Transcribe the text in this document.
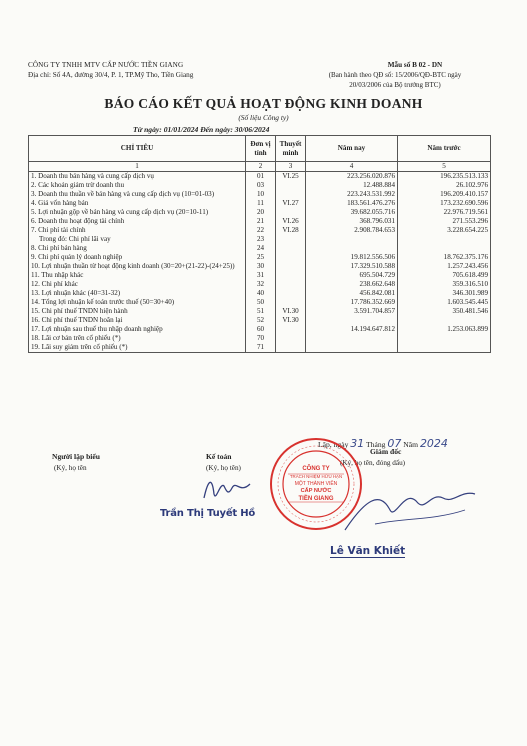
CÔNG TY TNHH MTV CẤP NƯỚC TIỀN GIANG
Địa chỉ: Số 4A, đường 30/4, P. 1, TP.Mỹ Tho, Tiền Giang
Mẫu số B 02 - DN
(Ban hành theo QĐ số: 15/2006/QĐ-BTC ngày
20/03/2006 của Bộ trưởng BTC)
BÁO CÁO KẾT QUẢ HOẠT ĐỘNG KINH DOANH
(Số liệu Công ty)
Từ ngày: 01/01/2024 Đến ngày: 30/06/2024
CHỈ TIÊU	Đơn vị tính	Thuyết minh	Năm nay	Năm trước
1	2	3	4	5
1. Doanh thu bán hàng và cung cấp dịch vụ	01	VI.25	223.256.020.876	196.235.513.133
2. Các khoản giảm trừ doanh thu	03		12.488.884	26.102.976
3. Doanh thu thuần về bán hàng và cung cấp dịch vụ (10=01-03)	10		223.243.531.992	196.209.410.157
4. Giá vốn hàng bán	11	VI.27	183.561.476.276	173.232.690.596
5. Lợi nhuận gộp về bán hàng và cung cấp dịch vụ (20=10-11)	20		39.682.055.716	22.976.719.561
6. Doanh thu hoạt động tài chính	21	VI.26	368.796.031	271.553.296
7. Chi phí tài chính	22	VI.28	2.908.784.653	3.228.654.225
Trong đó: Chi phí lãi vay	23			
8. Chi phí bán hàng	24			
9. Chi phí quản lý doanh nghiệp	25		19.812.556.506	18.762.375.176
10. Lợi nhuận thuần từ hoạt động kinh doanh (30=20+(21-22)-(24+25))	30		17.329.510.588	1.257.243.456
11. Thu nhập khác	31		695.504.729	705.618.499
12. Chi phí khác	32		238.662.648	359.316.510
13. Lợi nhuận khác (40=31-32)	40		456.842.081	346.301.989
14. Tổng lợi nhuận kế toán trước thuế (50=30+40)	50		17.786.352.669	1.603.545.445
15. Chi phí thuế TNDN hiện hành	51	VI.30	3.591.704.857	350.481.546
16. Chi phí thuế TNDN hoãn lại	52	VI.30		
17. Lợi nhuận sau thuế thu nhập doanh nghiệp	60		14.194.647.812	1.253.063.899
18. Lãi cơ bản trên cổ phiếu (*)	70			
19. Lãi suy giảm trên cổ phiếu (*)	71			
Lập, ngày 31 Tháng 07 Năm 2024
Người lập biểu
(Ký, họ tên
Kế toán
(Ký, họ tên)
Giám đốc
(Ký, họ tên, đóng dấu)
Trần Thị Tuyết Hồ
Lê Văn Khiết
CÔNG TY
TRÁCH NHIỆM HỮU HẠN
MỘT THÀNH VIÊN
CẤP NƯỚC
TIỀN GIANG
